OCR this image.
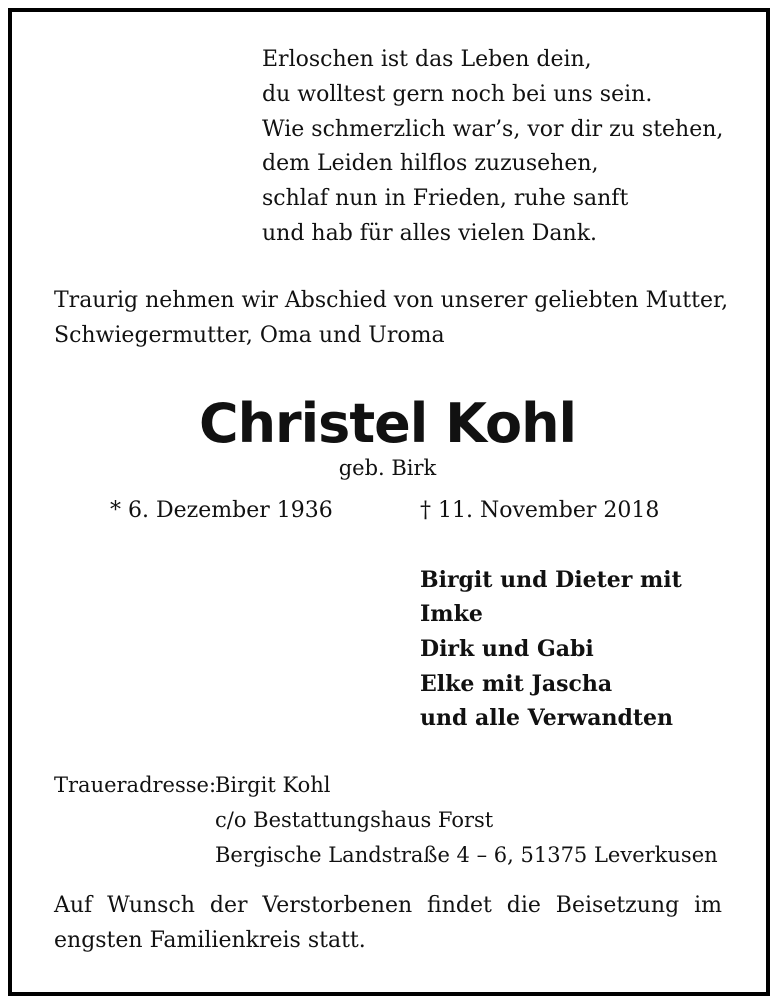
Erloschen ist das Leben dein,
du wolltest gern noch bei uns sein.
Wie schmerzlich war’s, vor dir zu stehen,
dem Leiden hilflos zuzusehen,
schlaf nun in Frieden, ruhe sanft
und hab für alles vielen Dank.
Traurig nehmen wir Abschied von unserer geliebten Mutter,
Schwiegermutter, Oma und Uroma
Christel Kohl
geb. Birk
* 6. Dezember 1936	† 11. November 2018
Birgit und Dieter mit
Imke
Dirk und Gabi
Elke mit Jascha
und alle Verwandten
Traueradresse:
Birgit Kohl
c/o Bestattungshaus Forst
Bergische Landstraße 4 – 6, 51375 Leverkusen
Auf Wunsch der Verstorbenen findet die Beisetzung im
engsten Familienkreis statt.
